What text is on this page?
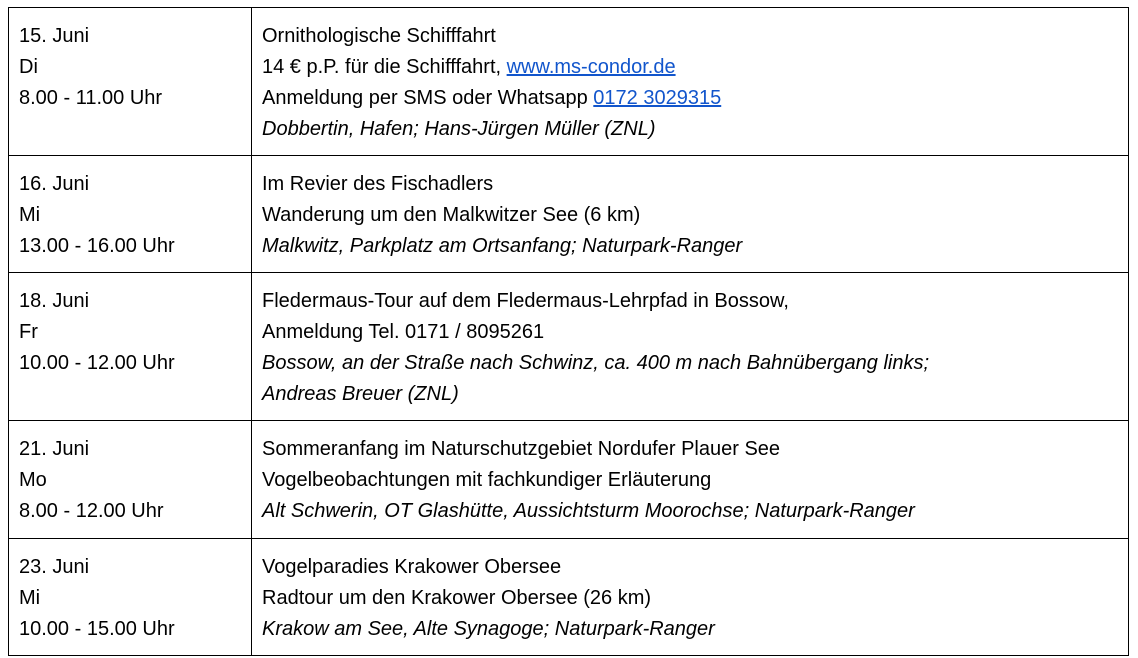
15. Juni
Di
8.00 - 11.00 Uhr	Ornithologische Schifffahrt
14 € p.P. für die Schifffahrt, www.ms-condor.de
Anmeldung per SMS oder Whatsapp 0172 3029315
Dobbertin, Hafen; Hans-Jürgen Müller (ZNL)

16. Juni
Mi
13.00 - 16.00 Uhr	Im Revier des Fischadlers
Wanderung um den Malkwitzer See (6 km)
Malkwitz, Parkplatz am Ortsanfang; Naturpark-Ranger

18. Juni
Fr
10.00 - 12.00 Uhr	Fledermaus-Tour auf dem Fledermaus-Lehrpfad in Bossow,
Anmeldung Tel. 0171 / 8095261
Bossow, an der Straße nach Schwinz, ca. 400 m nach Bahnübergang links;
Andreas Breuer (ZNL)

21. Juni
Mo
8.00 - 12.00 Uhr	Sommeranfang im Naturschutzgebiet Nordufer Plauer See
Vogelbeobachtungen mit fachkundiger Erläuterung
Alt Schwerin, OT Glashütte, Aussichtsturm Moorochse; Naturpark-Ranger

23. Juni
Mi
10.00 - 15.00 Uhr	Vogelparadies Krakower Obersee
Radtour um den Krakower Obersee (26 km)
Krakow am See, Alte Synagoge; Naturpark-Ranger
